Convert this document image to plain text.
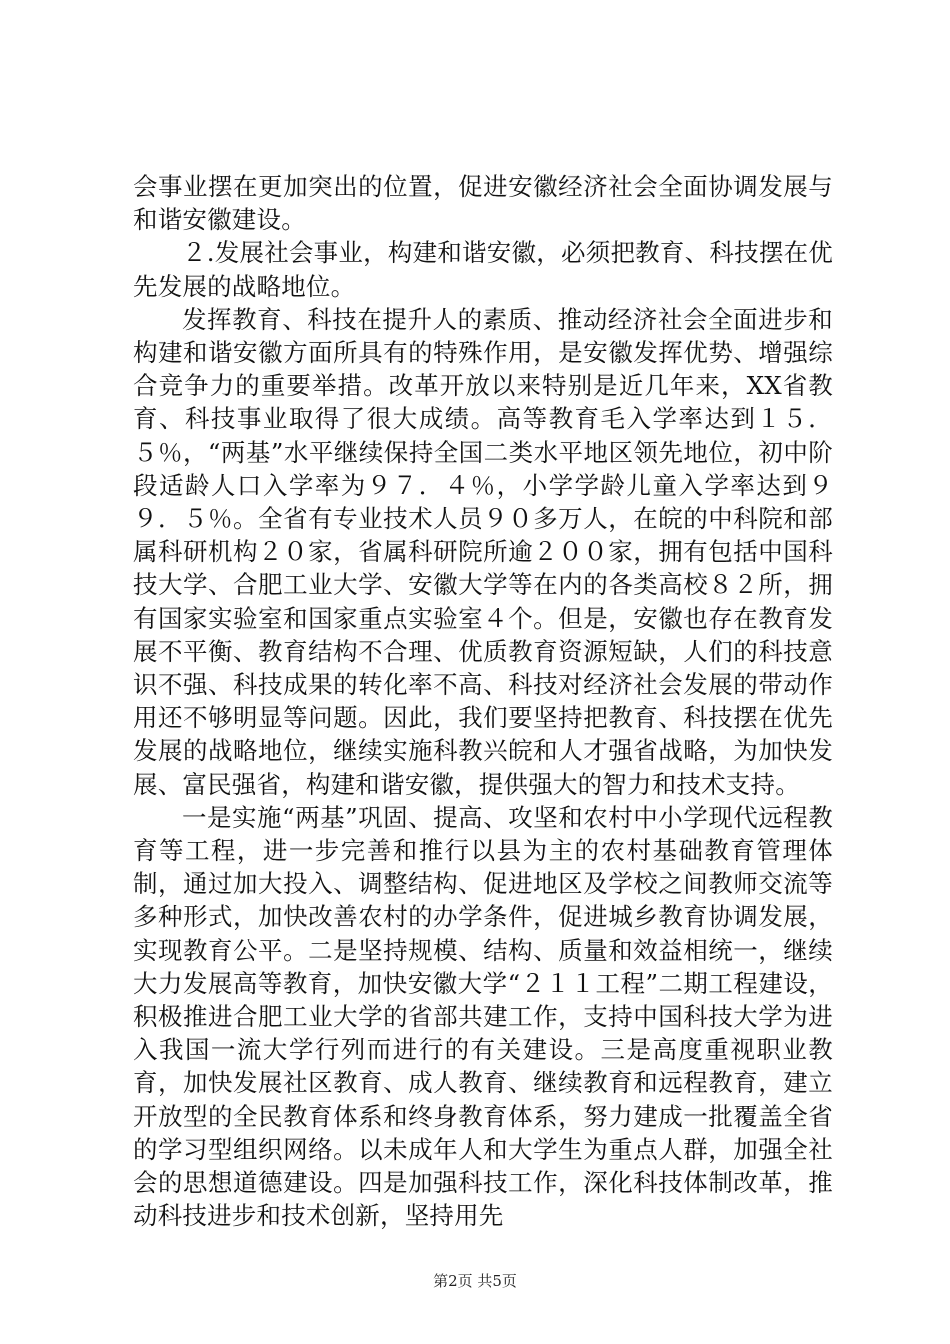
会事业摆在更加突出的位置，促进安徽经济社会全面协调发展与和谐安徽建设。

２.发展社会事业，构建和谐安徽，必须把教育、科技摆在优先发展的战略地位。

发挥教育、科技在提升人的素质、推动经济社会全面进步和构建和谐安徽方面所具有的特殊作用，是安徽发挥优势、增强综合竞争力的重要举措。改革开放以来特别是近几年来，XX省教育、科技事业取得了很大成绩。高等教育毛入学率达到１５．５％，“两基”水平继续保持全国二类水平地区领先地位，初中阶段适龄人口入学率为９７．４％，小学学龄儿童入学率达到９９．５％。全省有专业技术人员９０多万人，在皖的中科院和部属科研机构２０家，省属科研院所逾２００家，拥有包括中国科技大学、合肥工业大学、安徽大学等在内的各类高校８２所，拥有国家实验室和国家重点实验室４个。但是，安徽也存在教育发展不平衡、教育结构不合理、优质教育资源短缺，人们的科技意识不强、科技成果的转化率不高、科技对经济社会发展的带动作用还不够明显等问题。因此，我们要坚持把教育、科技摆在优先发展的战略地位，继续实施科教兴皖和人才强省战略，为加快发展、富民强省，构建和谐安徽，提供强大的智力和技术支持。

一是实施“两基”巩固、提高、攻坚和农村中小学现代远程教育等工程，进一步完善和推行以县为主的农村基础教育管理体制，通过加大投入、调整结构、促进地区及学校之间教师交流等多种形式，加快改善农村的办学条件，促进城乡教育协调发展，实现教育公平。二是坚持规模、结构、质量和效益相统一，继续大力发展高等教育，加快安徽大学“２１１工程”二期工程建设，积极推进合肥工业大学的省部共建工作，支持中国科技大学为进入我国一流大学行列而进行的有关建设。三是高度重视职业教育，加快发展社区教育、成人教育、继续教育和远程教育，建立开放型的全民教育体系和终身教育体系，努力建成一批覆盖全省的学习型组织网络。以未成年人和大学生为重点人群，加强全社会的思想道德建设。四是加强科技工作，深化科技体制改革，推动科技进步和技术创新，坚持用先

第2页 共5页
